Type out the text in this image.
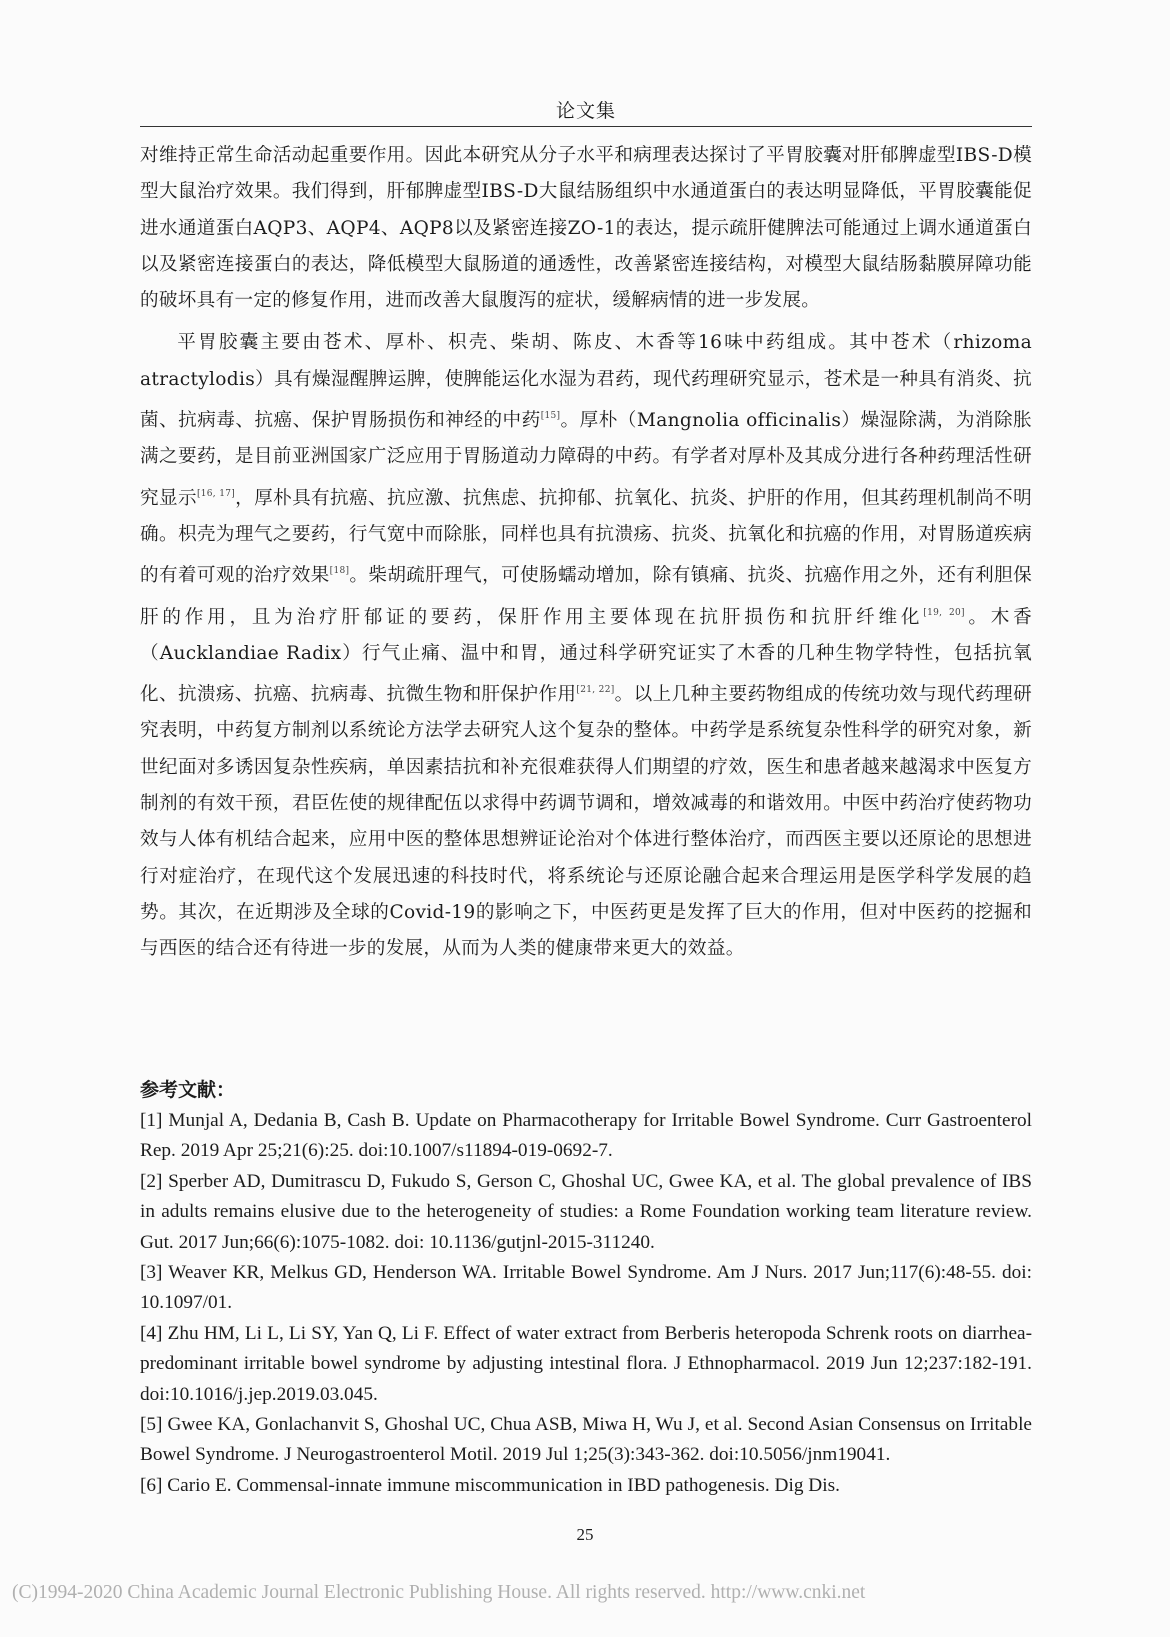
论文集

对维持正常生命活动起重要作用。因此本研究从分子水平和病理表达探讨了平胃胶囊对肝郁脾虚型IBS-D模型大鼠治疗效果。我们得到，肝郁脾虚型IBS-D大鼠结肠组织中水通道蛋白的表达明显降低，平胃胶囊能促进水通道蛋白AQP3、AQP4、AQP8以及紧密连接ZO-1的表达，提示疏肝健脾法可能通过上调水通道蛋白以及紧密连接蛋白的表达，降低模型大鼠肠道的通透性，改善紧密连接结构，对模型大鼠结肠黏膜屏障功能的破坏具有一定的修复作用，进而改善大鼠腹泻的症状，缓解病情的进一步发展。

平胃胶囊主要由苍术、厚朴、枳壳、柴胡、陈皮、木香等16味中药组成。其中苍术（rhizoma atractylodis）具有燥湿醒脾运脾，使脾能运化水湿为君药，现代药理研究显示，苍术是一种具有消炎、抗菌、抗病毒、抗癌、保护胃肠损伤和神经的中药[15]。厚朴（Mangnolia officinalis）燥湿除满，为消除胀满之要药，是目前亚洲国家广泛应用于胃肠道动力障碍的中药。有学者对厚朴及其成分进行各种药理活性研究显示[16, 17]，厚朴具有抗癌、抗应激、抗焦虑、抗抑郁、抗氧化、抗炎、护肝的作用，但其药理机制尚不明确。枳壳为理气之要药，行气宽中而除胀，同样也具有抗溃疡、抗炎、抗氧化和抗癌的作用，对胃肠道疾病的有着可观的治疗效果[18]。柴胡疏肝理气，可使肠蠕动增加，除有镇痛、抗炎、抗癌作用之外，还有利胆保肝的作用，且为治疗肝郁证的要药，保肝作用主要体现在抗肝损伤和抗肝纤维化[19, 20]。木香（Aucklandiae Radix）行气止痛、温中和胃，通过科学研究证实了木香的几种生物学特性，包括抗氧化、抗溃疡、抗癌、抗病毒、抗微生物和肝保护作用[21, 22]。以上几种主要药物组成的传统功效与现代药理研究表明，中药复方制剂以系统论方法学去研究人这个复杂的整体。中药学是系统复杂性科学的研究对象，新世纪面对多诱因复杂性疾病，单因素拮抗和补充很难获得人们期望的疗效，医生和患者越来越渴求中医复方制剂的有效干预，君臣佐使的规律配伍以求得中药调节调和，增效减毒的和谐效用。中医中药治疗使药物功效与人体有机结合起来，应用中医的整体思想辨证论治对个体进行整体治疗，而西医主要以还原论的思想进行对症治疗，在现代这个发展迅速的科技时代，将系统论与还原论融合起来合理运用是医学科学发展的趋势。其次，在近期涉及全球的Covid-19的影响之下，中医药更是发挥了巨大的作用，但对中医药的挖掘和与西医的结合还有待进一步的发展，从而为人类的健康带来更大的效益。

参考文献：

[1] Munjal A, Dedania B, Cash B. Update on Pharmacotherapy for Irritable Bowel Syndrome. Curr Gastroenterol Rep. 2019 Apr 25;21(6):25. doi:10.1007/s11894-019-0692-7.

[2] Sperber AD, Dumitrascu D, Fukudo S, Gerson C, Ghoshal UC, Gwee KA, et al. The global prevalence of IBS in adults remains elusive due to the heterogeneity of studies: a Rome Foundation working team literature review. Gut. 2017 Jun;66(6):1075-1082. doi: 10.1136/gutjnl-2015-311240.

[3] Weaver KR, Melkus GD, Henderson WA. Irritable Bowel Syndrome. Am J Nurs. 2017 Jun;117(6):48-55. doi: 10.1097/01.

[4] Zhu HM, Li L, Li SY, Yan Q, Li F. Effect of water extract from Berberis heteropoda Schrenk roots on diarrhea-predominant irritable bowel syndrome by adjusting intestinal flora. J Ethnopharmacol. 2019 Jun 12;237:182-191. doi:10.1016/j.jep.2019.03.045.

[5] Gwee KA, Gonlachanvit S, Ghoshal UC, Chua ASB, Miwa H, Wu J, et al. Second Asian Consensus on Irritable Bowel Syndrome. J Neurogastroenterol Motil. 2019 Jul 1;25(3):343-362. doi:10.5056/jnm19041.

[6] Cario E. Commensal-innate immune miscommunication in IBD pathogenesis. Dig Dis.

25
(C)1994-2020 China Academic Journal Electronic Publishing House. All rights reserved. http://www.cnki.net
